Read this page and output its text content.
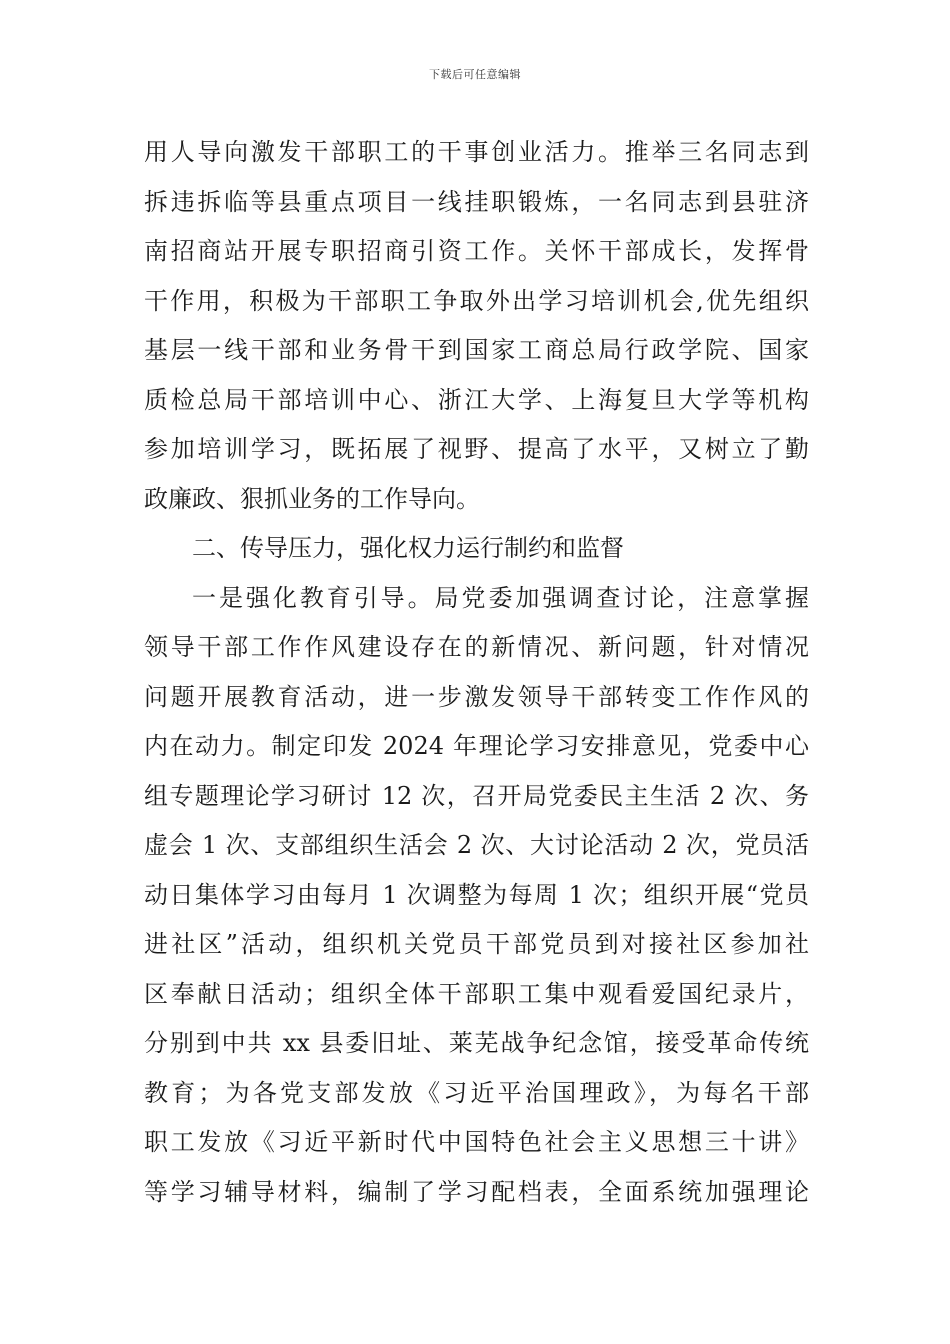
下载后可任意编辑
用人导向激发干部职工的干事创业活力。推举三名同志到
拆违拆临等县重点项目一线挂职锻炼，一名同志到县驻济
南招商站开展专职招商引资工作。关怀干部成长，发挥骨
干作用，积极为干部职工争取外出学习培训机会,优先组织
基层一线干部和业务骨干到国家工商总局行政学院、国家
质检总局干部培训中心、浙江大学、上海复旦大学等机构
参加培训学习，既拓展了视野、提高了水平，又树立了勤
政廉政、狠抓业务的工作导向。
二、传导压力，强化权力运行制约和监督
一是强化教育引导。局党委加强调查讨论，注意掌握
领导干部工作作风建设存在的新情况、新问题，针对情况
问题开展教育活动，进一步激发领导干部转变工作作风的
内在动力。制定印发 2024 年理论学习安排意见，党委中心
组专题理论学习研讨 12 次，召开局党委民主生活 2 次、务
虚会 1 次、支部组织生活会 2 次、大讨论活动 2 次，党员活
动日集体学习由每月 1 次调整为每周 1 次；组织开展“党员
进社区”活动，组织机关党员干部党员到对接社区参加社
区奉献日活动；组织全体干部职工集中观看爱国纪录片，
分别到中共 xx 县委旧址、莱芜战争纪念馆，接受革命传统
教育；为各党支部发放《习近平治国理政》，为每名干部
职工发放《习近平新时代中国特色社会主义思想三十讲》
等学习辅导材料，编制了学习配档表，全面系统加强理论
